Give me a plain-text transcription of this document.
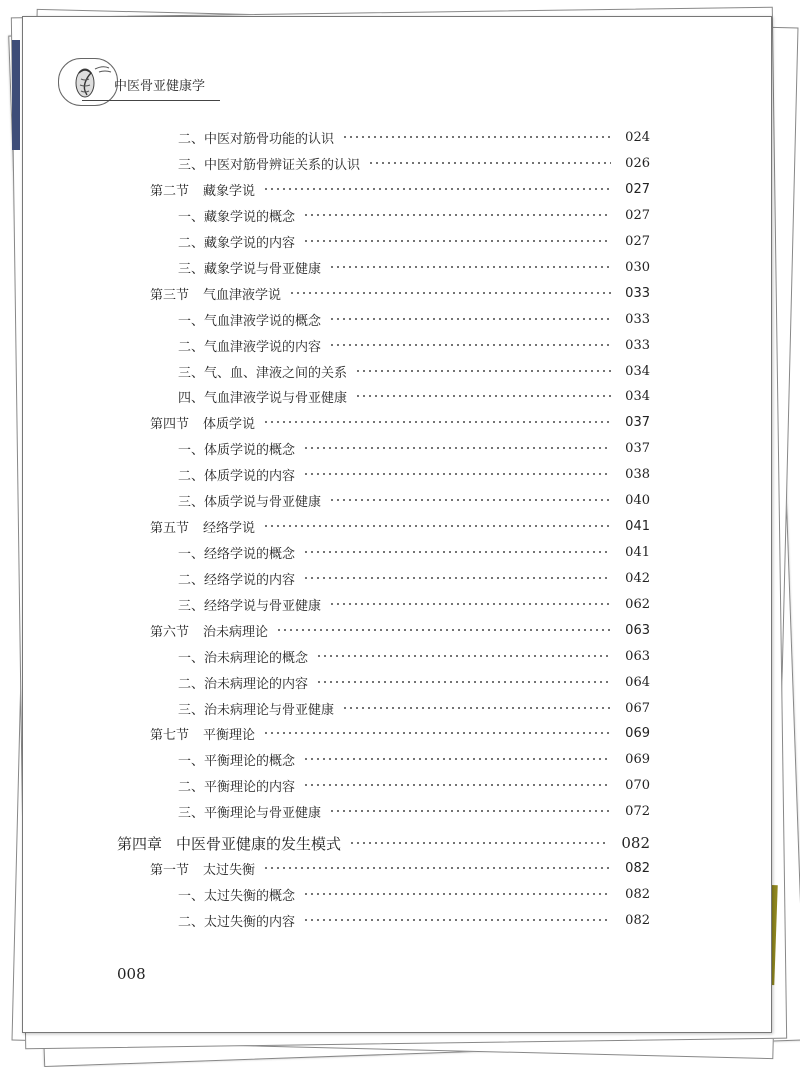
中医骨亚健康学
二、中医对筋骨功能的认识	024
三、中医对筋骨辨证关系的认识	026
第二节 藏象学说	027
一、藏象学说的概念	027
二、藏象学说的内容	027
三、藏象学说与骨亚健康	030
第三节 气血津液学说	033
一、气血津液学说的概念	033
二、气血津液学说的内容	033
三、气、血、津液之间的关系	034
四、气血津液学说与骨亚健康	034
第四节 体质学说	037
一、体质学说的概念	037
二、体质学说的内容	038
三、体质学说与骨亚健康	040
第五节 经络学说	041
一、经络学说的概念	041
二、经络学说的内容	042
三、经络学说与骨亚健康	062
第六节 治未病理论	063
一、治未病理论的概念	063
二、治未病理论的内容	064
三、治未病理论与骨亚健康	067
第七节 平衡理论	069
一、平衡理论的概念	069
二、平衡理论的内容	070
三、平衡理论与骨亚健康	072
第四章 中医骨亚健康的发生模式	082
第一节 太过失衡	082
一、太过失衡的概念	082
二、太过失衡的内容	082
008
